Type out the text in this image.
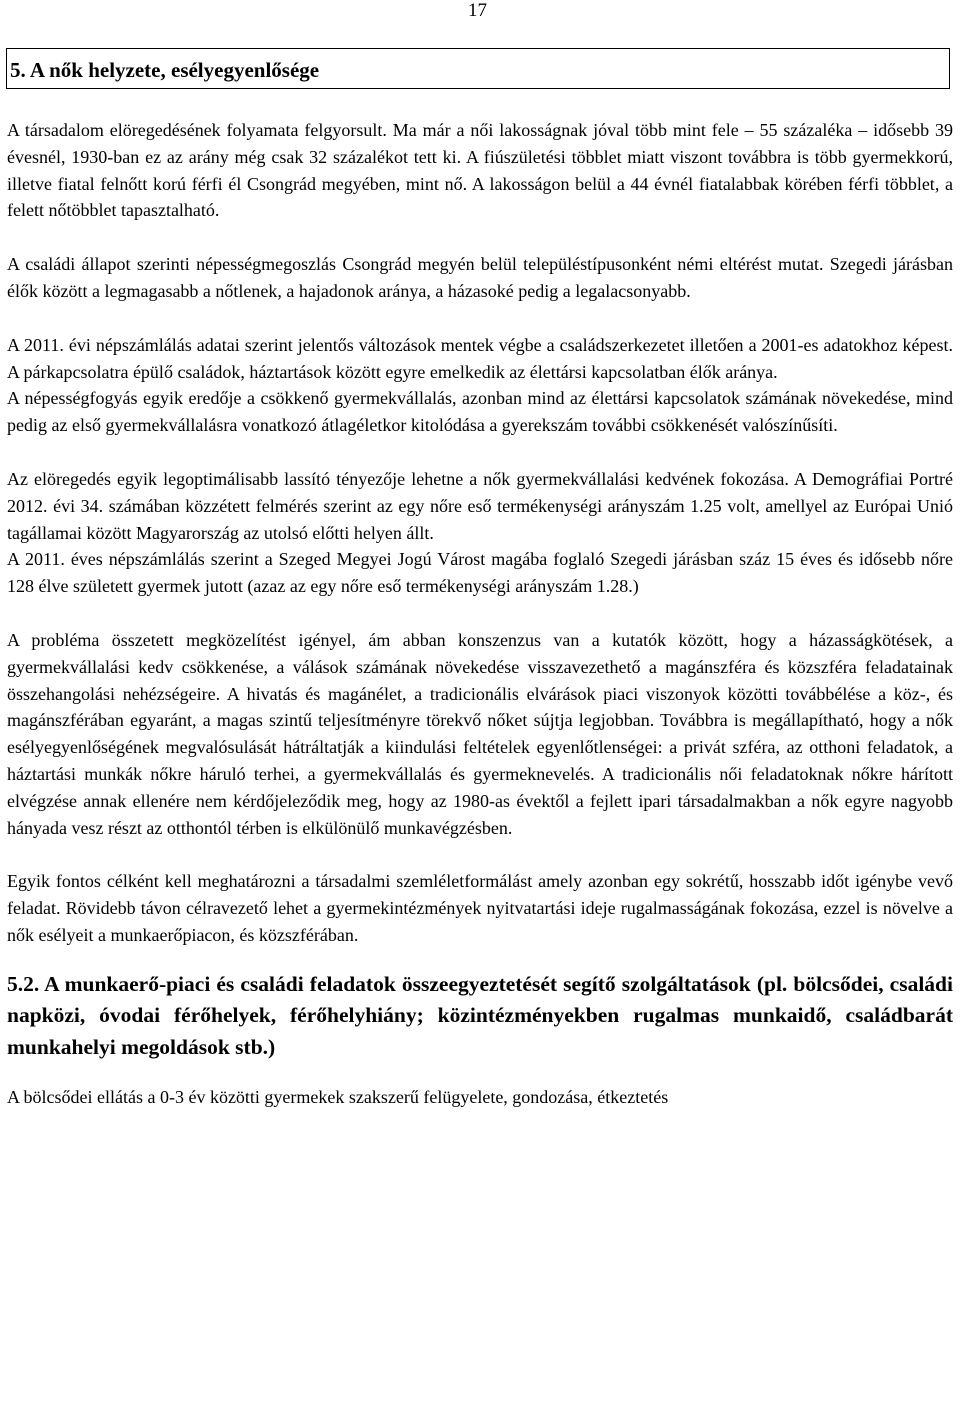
17
5. A nők helyzete, esélyegyenlősége

A társadalom elöregedésének folyamata felgyorsult. Ma már a női lakosságnak jóval több mint fele – 55 százaléka – idősebb 39 évesnél, 1930-ban ez az arány még csak 32 százalékot tett ki. A fiúszületési többlet miatt viszont továbbra is több gyermekkorú, illetve fiatal felnőtt korú férfi él Csongrád megyében, mint nő. A lakosságon belül a 44 évnél fiatalabbak körében férfi többlet, a felett nőtöbblet tapasztalható.

A családi állapot szerinti népességmegoszlás Csongrád megyén belül településtípusonként némi eltérést mutat. Szegedi járásban élők között a legmagasabb a nőtlenek, a hajadonok aránya, a házasoké pedig a legalacsonyabb.

A 2011. évi népszámlálás adatai szerint jelentős változások mentek végbe a családszerkezetet illetően a 2001-es adatokhoz képest. A párkapcsolatra épülő családok, háztartások között egyre emelkedik az élettársi kapcsolatban élők aránya.

A népességfogyás egyik eredője a csökkenő gyermekvállalás, azonban mind az élettársi kapcsolatok számának növekedése, mind pedig az első gyermekvállalásra vonatkozó átlagéletkor kitolódása a gyerekszám további csökkenését valószínűsíti.

Az elöregedés egyik legoptimálisabb lassító tényezője lehetne a nők gyermekvállalási kedvének fokozása. A Demográfiai Portré 2012. évi 34. számában közzétett felmérés szerint az egy nőre eső termékenységi arányszám 1.25 volt, amellyel az Európai Unió tagállamai között Magyarország az utolsó előtti helyen állt.

A 2011. éves népszámlálás szerint a Szeged Megyei Jogú Várost magába foglaló Szegedi járásban száz 15 éves és idősebb nőre 128 élve született gyermek jutott (azaz az egy nőre eső termékenységi arányszám 1.28.)

A probléma összetett megközelítést igényel, ám abban konszenzus van a kutatók között, hogy a házasságkötések, a gyermekvállalási kedv csökkenése, a válások számának növekedése visszavezethető a magánszféra és közszféra feladatainak összehangolási nehézségeire. A hivatás és magánélet, a tradicionális elvárások piaci viszonyok közötti továbbélése a köz-, és magánszférában egyaránt, a magas szintű teljesítményre törekvő nőket sújtja legjobban. Továbbra is megállapítható, hogy a nők esélyegyenlőségének megvalósulását hátráltatják a kiindulási feltételek egyenlőtlenségei: a privát szféra, az otthoni feladatok, a háztartási munkák nőkre háruló terhei, a gyermekvállalás és gyermeknevelés. A tradicionális női feladatoknak nőkre hárított elvégzése annak ellenére nem kérdőjeleződik meg, hogy az 1980-as évektől a fejlett ipari társadalmakban a nők egyre nagyobb hányada vesz részt az otthontól térben is elkülönülő munkavégzésben.

Egyik fontos célként kell meghatározni a társadalmi szemléletformálást amely azonban egy sokrétű, hosszabb időt igénybe vevő feladat. Rövidebb távon célravezető lehet a gyermekintézmények nyitvatartási ideje rugalmasságának fokozása, ezzel is növelve a nők esélyeit a munkaerőpiacon, és közszférában.

5.2. A munkaerő-piaci és családi feladatok összeegyeztetését segítő szolgáltatások (pl. bölcsődei, családi napközi, óvodai férőhelyek, férőhelyhiány; közintézményekben rugalmas munkaidő, családbarát munkahelyi megoldások stb.)

A bölcsődei ellátás a 0-3 év közötti gyermekek szakszerű felügyelete, gondozása, étkeztetés
